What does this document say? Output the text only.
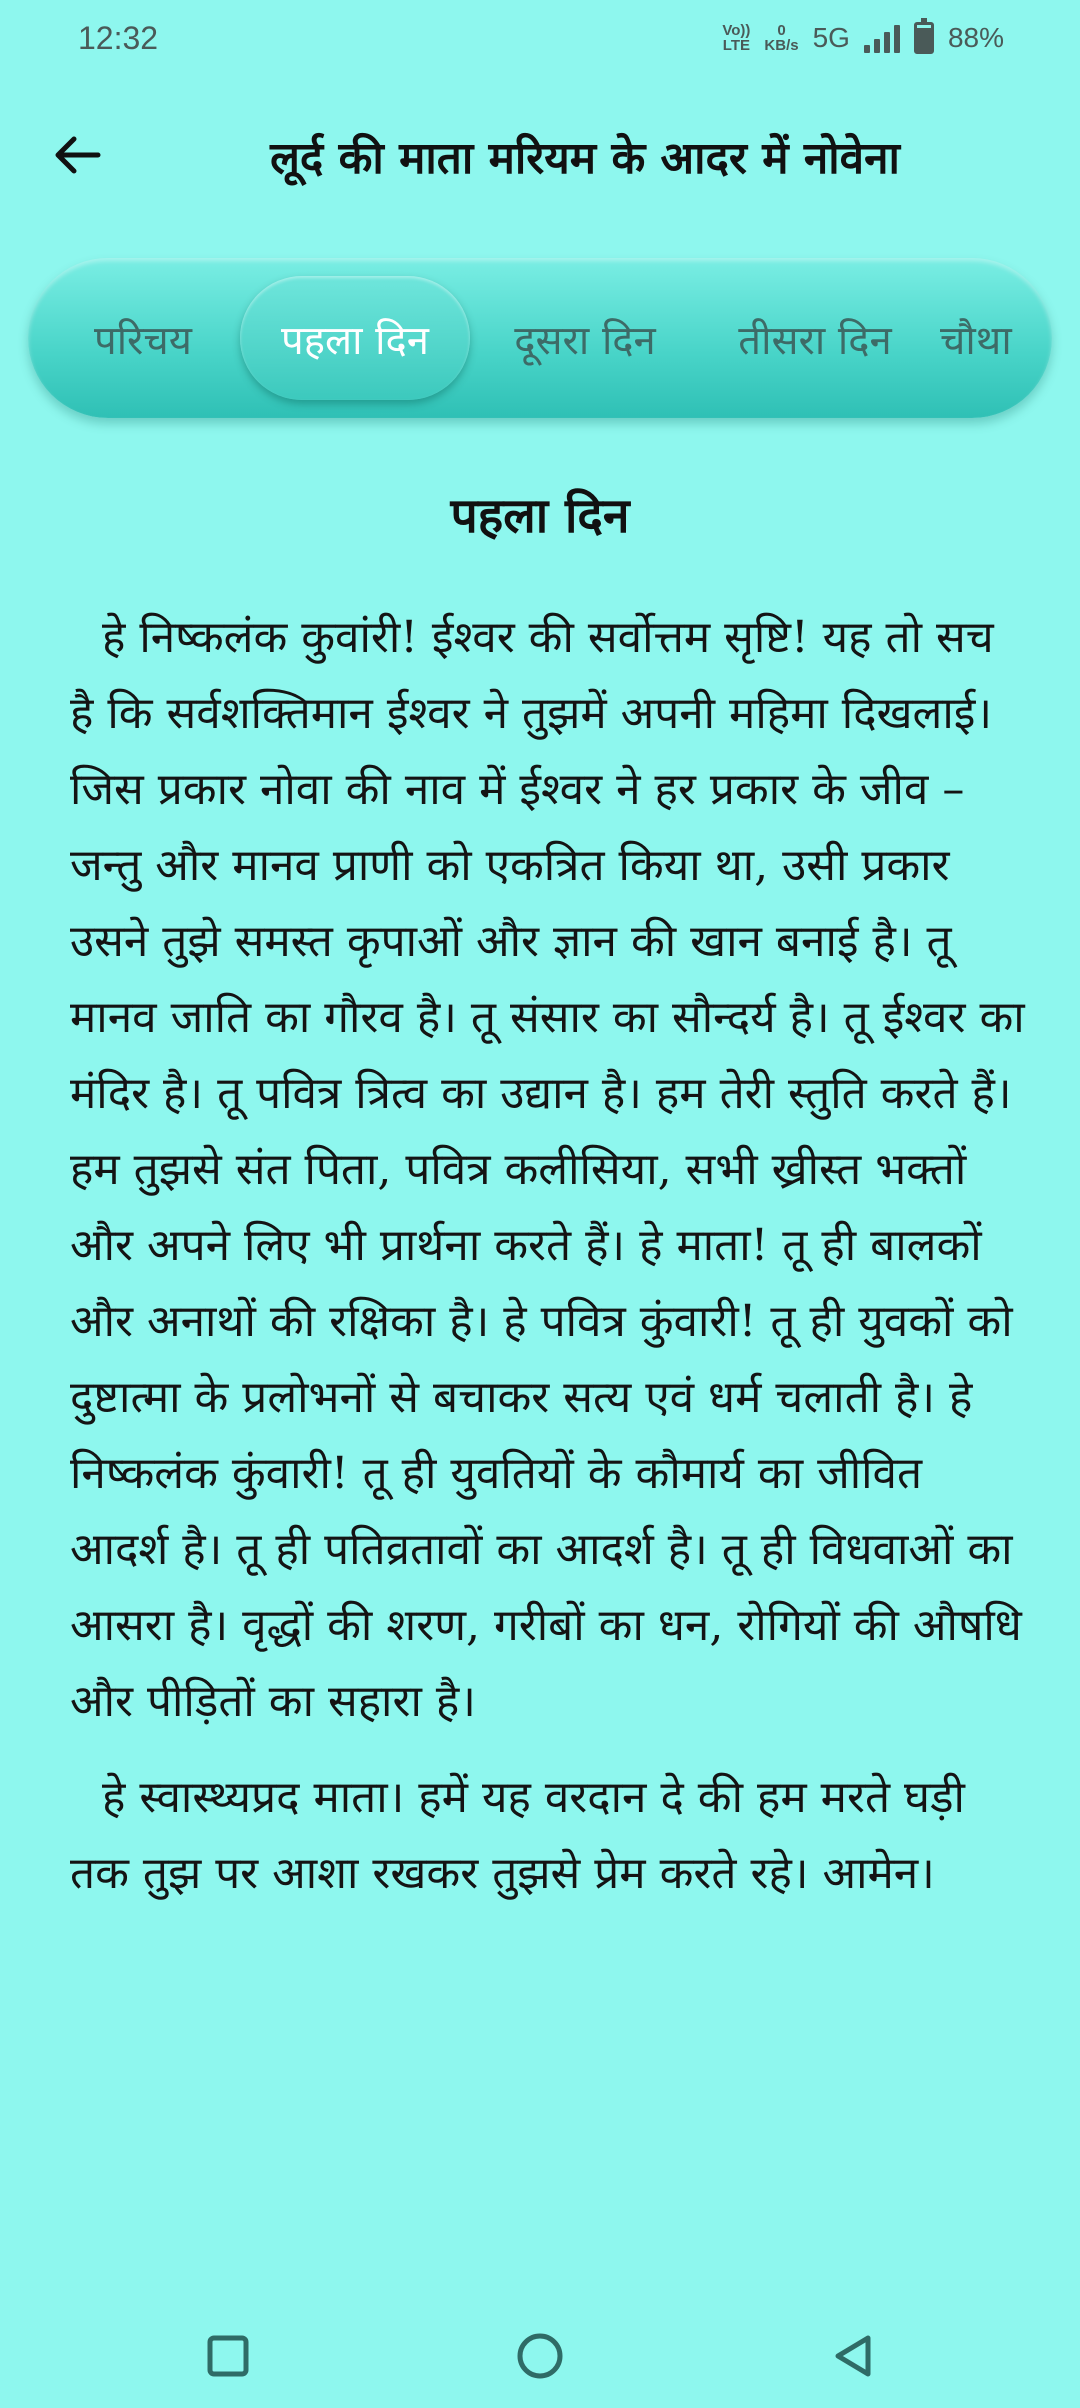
12:32	Vo))
LTE
0
KB/s 5G	88%
लूर्द की माता मरियम के आदर में नोवेना
परिचय	पहला दिन	दूसरा दिन	तीसरा दिन	चौथा
पहला दिन

हे निष्कलंक कुवांरी! ईश्वर की सर्वोत्तम सृष्टि! यह तो सच है कि सर्वशक्तिमान ईश्वर ने तुझमें अपनी महिमा दिखलाई। जिस प्रकार नोवा की नाव में ईश्वर ने हर प्रकार के जीव – जन्तु और मानव प्राणी को एकत्रित किया था, उसी प्रकार उसने तुझे समस्त कृपाओं और ज्ञान की खान बनाई है। तू मानव जाति का गौरव है। तू संसार का सौन्दर्य है। तू ईश्वर का मंदिर है। तू पवित्र त्रित्व का उद्यान है। हम तेरी स्तुति करते हैं। हम तुझसे संत पिता, पवित्र कलीसिया, सभी ख्रीस्त भक्तों और अपने लिए भी प्रार्थना करते हैं। हे माता! तू ही बालकों और अनाथों की रक्षिका है। हे पवित्र कुंवारी! तू ही युवकों को दुष्टात्मा के प्रलोभनों से बचाकर सत्य एवं धर्म चलाती है। हे निष्कलंक कुंवारी! तू ही युवतियों के कौमार्य का जीवित आदर्श है। तू ही पतिव्रतावों का आदर्श है। तू ही विधवाओं का आसरा है। वृद्धों की शरण, गरीबों का धन, रोगियों की औषधि और पीड़ितों का सहारा है।

हे स्वास्थ्यप्रद माता। हमें यह वरदान दे की हम मरते घड़ी तक तुझ पर आशा रखकर तुझसे प्रेम करते रहे। आमेन।
